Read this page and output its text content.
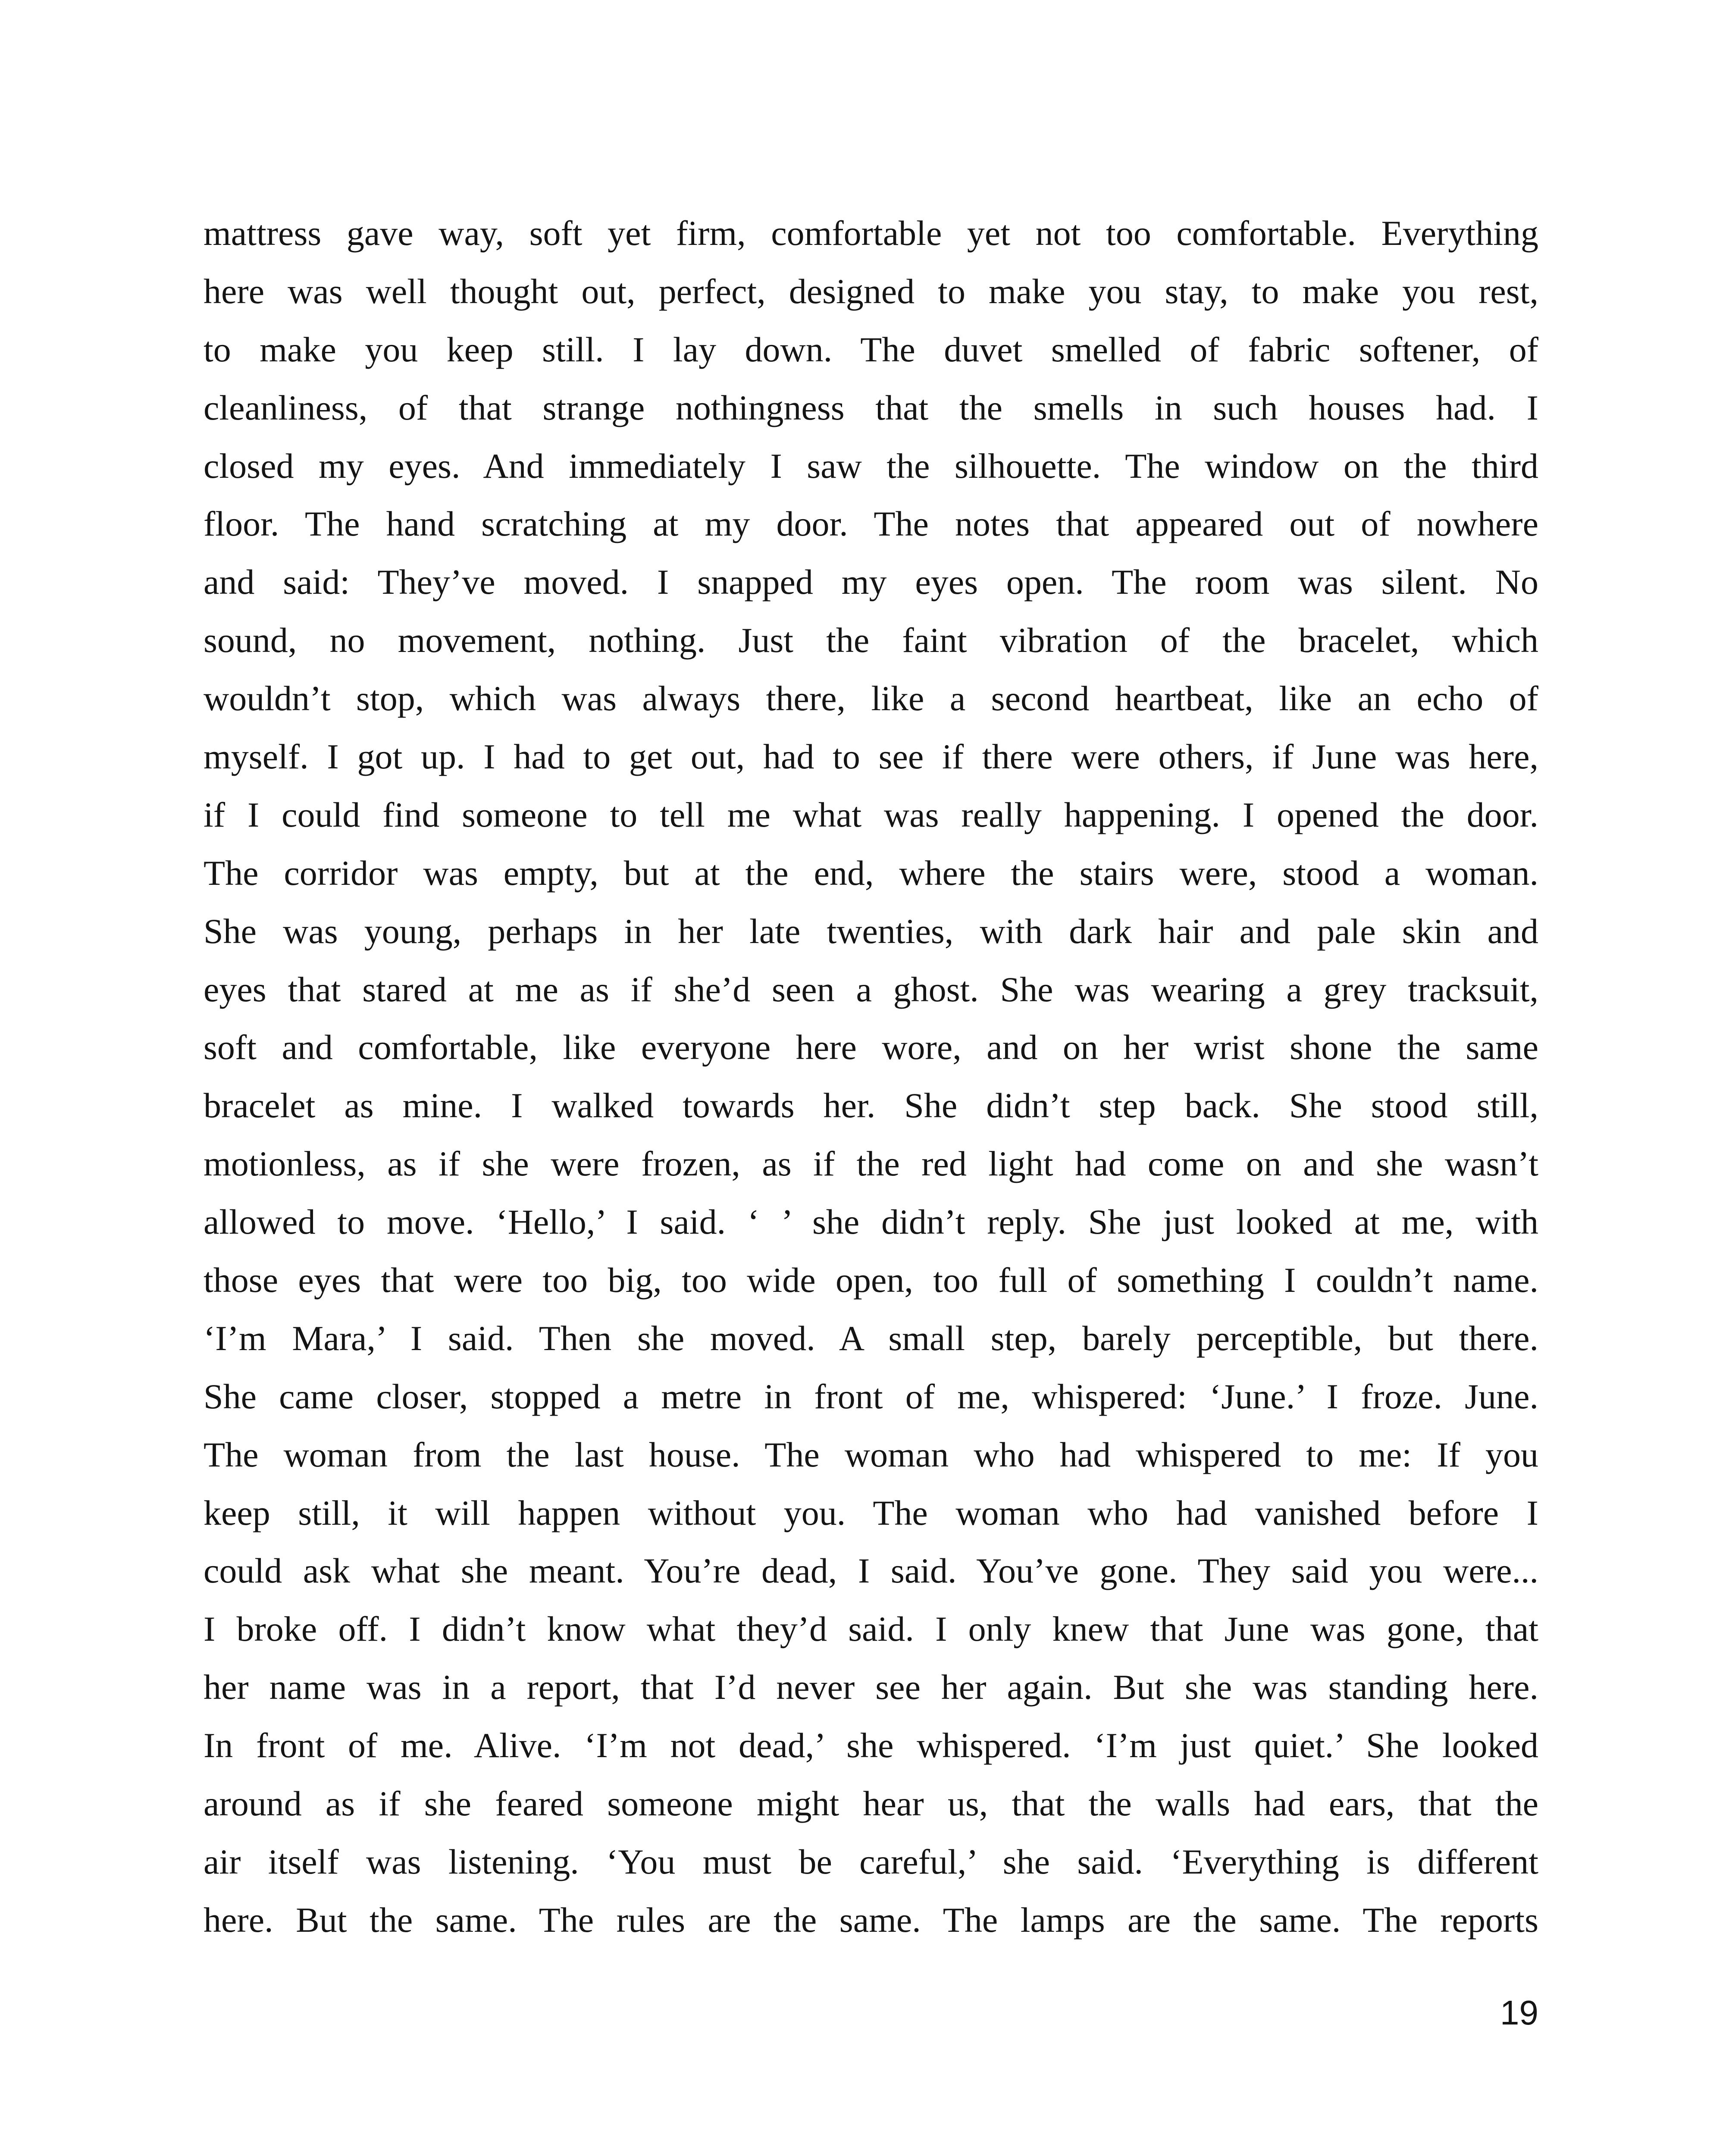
mattress gave way, soft yet firm, comfortable yet not too comfortable. Everything
here was well thought out, perfect, designed to make you stay, to make you rest,
to make you keep still. I lay down. The duvet smelled of fabric softener, of
cleanliness, of that strange nothingness that the smells in such houses had. I
closed my eyes. And immediately I saw the silhouette. The window on the third
floor. The hand scratching at my door. The notes that appeared out of nowhere
and said: They’ve moved. I snapped my eyes open. The room was silent. No
sound, no movement, nothing. Just the faint vibration of the bracelet, which
wouldn’t stop, which was always there, like a second heartbeat, like an echo of
myself. I got up. I had to get out, had to see if there were others, if June was here,
if I could find someone to tell me what was really happening. I opened the door.
The corridor was empty, but at the end, where the stairs were, stood a woman.
She was young, perhaps in her late twenties, with dark hair and pale skin and
eyes that stared at me as if she’d seen a ghost. She was wearing a grey tracksuit,
soft and comfortable, like everyone here wore, and on her wrist shone the same
bracelet as mine. I walked towards her. She didn’t step back. She stood still,
motionless, as if she were frozen, as if the red light had come on and she wasn’t
allowed to move. ‘Hello,’ I said. ‘ ’ she didn’t reply. She just looked at me, with
those eyes that were too big, too wide open, too full of something I couldn’t name.
‘I’m Mara,’ I said. Then she moved. A small step, barely perceptible, but there.
She came closer, stopped a metre in front of me, whispered: ‘June.’ I froze. June.
The woman from the last house. The woman who had whispered to me: If you
keep still, it will happen without you. The woman who had vanished before I
could ask what she meant. You’re dead, I said. You’ve gone. They said you were...
I broke off. I didn’t know what they’d said. I only knew that June was gone, that
her name was in a report, that I’d never see her again. But she was standing here.
In front of me. Alive. ‘I’m not dead,’ she whispered. ‘I’m just quiet.’ She looked
around as if she feared someone might hear us, that the walls had ears, that the
air itself was listening. ‘You must be careful,’ she said. ‘Everything is different
here. But the same. The rules are the same. The lamps are the same. The reports
19
